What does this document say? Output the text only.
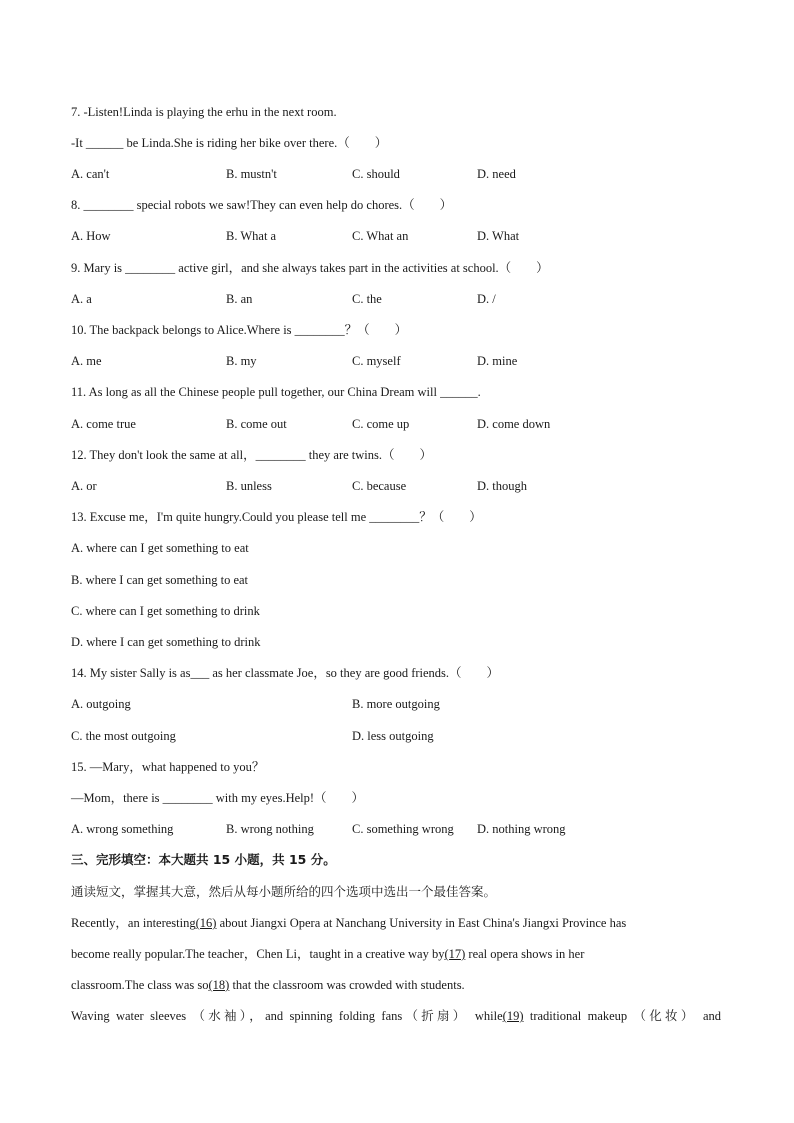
7. -Listen!Linda is playing the erhu in the next room.
-It ______ be Linda.She is riding her bike over there.（　　）
A. can't	B. mustn't	C. should	D. need
8. ________ special robots we saw!They can even help do chores.（　　）
A. How	B. What a	C. What an	D. What
9. Mary is ________ active girl，and she always takes part in the activities at school.（　　）
A. a	B. an	C. the	D. /
10. The backpack belongs to Alice.Where is ________？（　　）
A. me	B. my	C. myself	D. mine
11. As long as all the Chinese people pull together, our China Dream will ______.
A. come true	B. come out	C. come up	D. come down
12. They don't look the same at all，________ they are twins.（　　）
A. or	B. unless	C. because	D. though
13. Excuse me，I'm quite hungry.Could you please tell me ________？（　　）
A. where can I get something to eat
B. where I can get something to eat
C. where can I get something to drink
D. where I can get something to drink
14. My sister Sally is as___ as her classmate Joe，so they are good friends.（　　）
A. outgoing	B. more outgoing
C. the most outgoing	D. less outgoing
15. —Mary，what happened to you？
—Mom，there is ________ with my eyes.Help!（　　）
A. wrong something	B. wrong nothing	C. something wrong D. nothing wrong
三、完形填空：本大题共 15 小题，共 15 分。
通读短文，掌握其大意，然后从每小题所给的四个选项中选出一个最佳答案。
Recently，an interesting(16) about Jiangxi Opera at Nanchang University in East China's Jiangxi Province has
become really popular.The teacher，Chen Li，taught in a creative way by(17) real opera shows in her
classroom.The class was so(18) that the classroom was crowded with students.
Waving water sleeves （水袖），and spinning folding fans（折扇） while(19) traditional makeup （化妆） and
